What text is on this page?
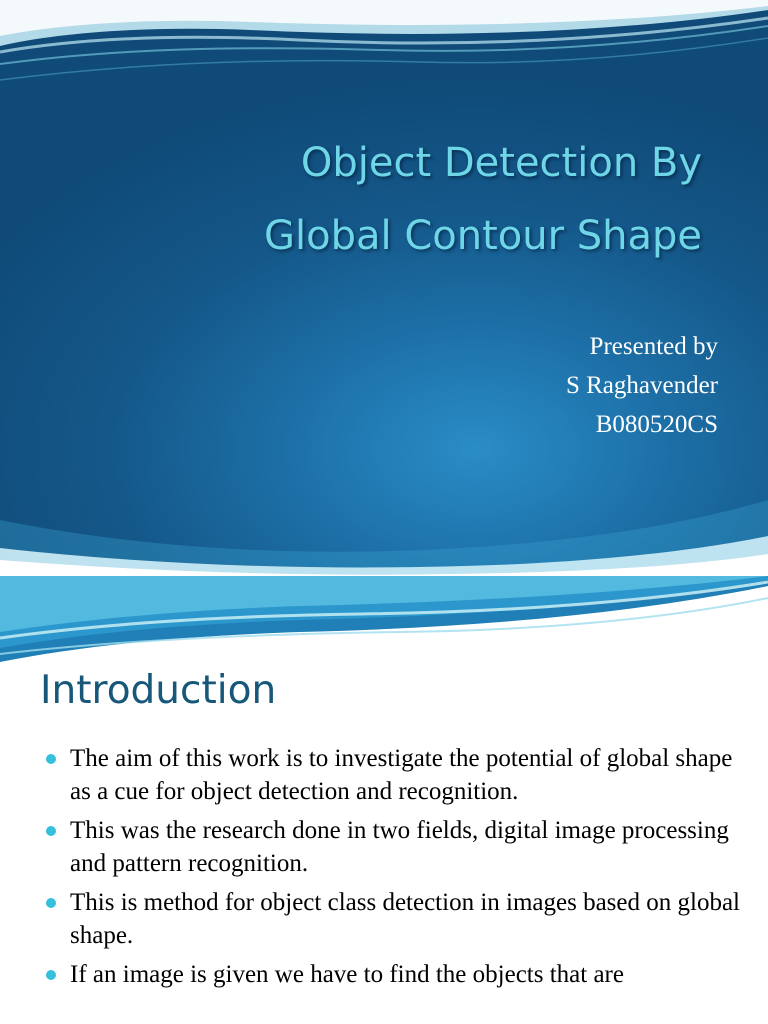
Object Detection By
Global Contour Shape

Presented by

S Raghavender

B080520CS

Introduction
The aim of this work is to investigate the potential of global shape as a cue for object detection and recognition.
This was the research done in two fields, digital image processing and pattern recognition.
This is method for object class detection in images based on global shape.
If an image is given we have to find the objects that are
